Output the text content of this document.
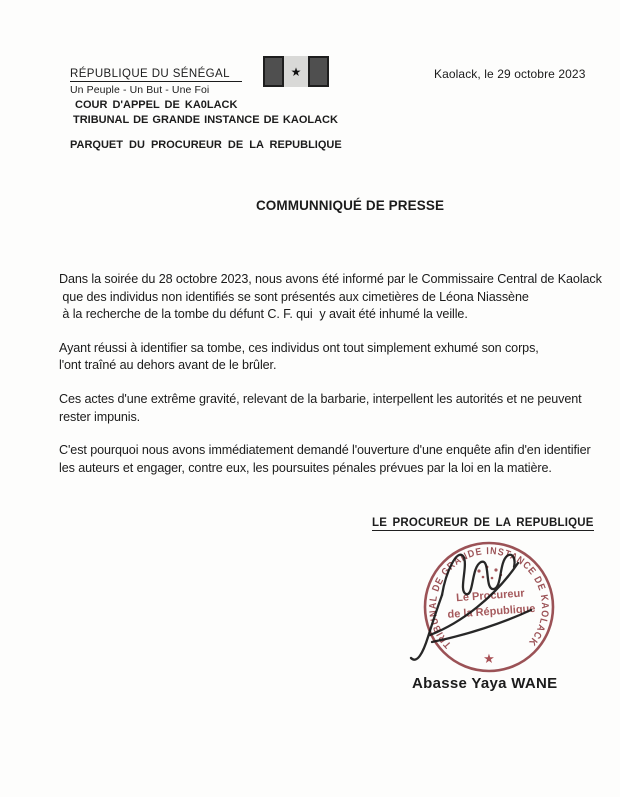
RÉPUBLIQUE DU SÉNÉGAL
Un Peuple - Un But - Une Foi
COUR D'APPEL DE KA0LACK
TRIBUNAL DE GRANDE INSTANCE DE KAOLACK
PARQUET DU PROCUREUR DE LA REPUBLIQUE
★	Kaolack, le 29 octobre 2023
COMMUNNIQUÉ DE PRESSE

Dans la soirée du 28 octobre 2023, nous avons été informé par le Commissaire Central de Kaolack
que des individus non identifiés se sont présentés aux cimetières de Léona Niassène
à la recherche de la tombe du défunt C. F. qui  y avait été inhumé la veille.

Ayant réussi à identifier sa tombe, ces individus ont tout simplement exhumé son corps,
l'ont traîné au dehors avant de le brûler.

Ces actes d'une extrême gravité, relevant de la barbarie, interpellent les autorités et ne peuvent
rester impunis.

C'est pourquoi nous avons immédiatement demandé l'ouverture d'une enquête afin d'en identifier
les auteurs et engager, contre eux, les poursuites pénales prévues par la loi en la matière.

LE PROCUREUR DE LA REPUBLIQUE
TRIBUNAL DE GRANDE INSTANCE DE KAOLACK
★
Le Procureur
de la République
Abasse Yaya WANE
